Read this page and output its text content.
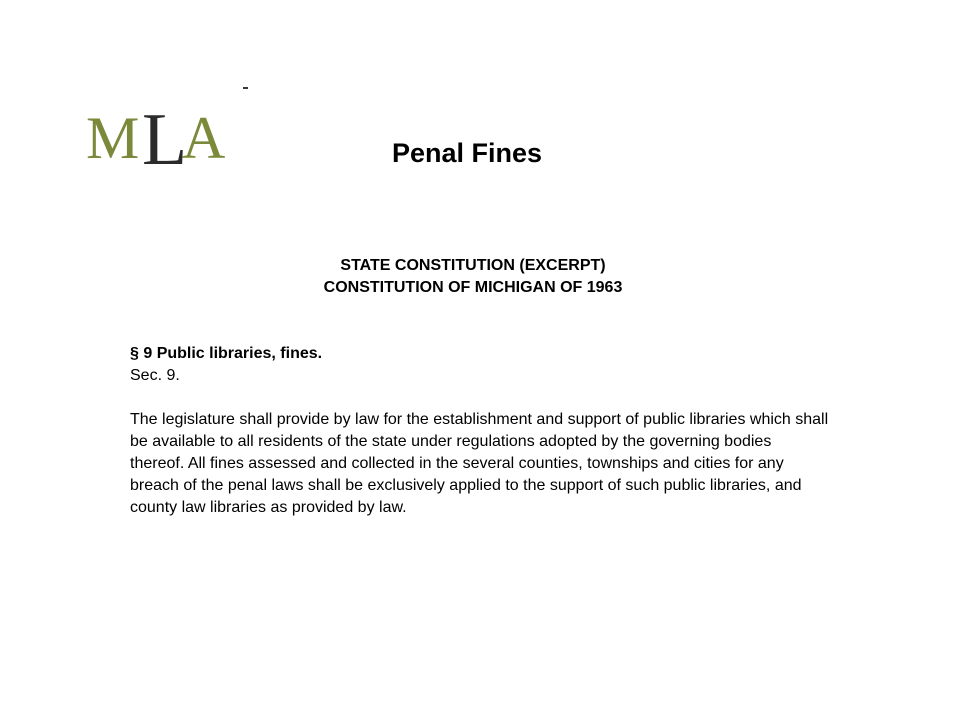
M L
A	Penal Fines
STATE CONSTITUTION (EXCERPT)
CONSTITUTION OF MICHIGAN OF 1963
§ 9 Public libraries, fines.
Sec. 9.
The legislature shall provide by law for the establishment and support of public libraries which shall be available to all residents of the state under regulations adopted by the governing bodies thereof. All fines assessed and collected in the several counties, townships and cities for any breach of the penal laws shall be exclusively applied to the support of such public libraries, and county law libraries as provided by law.
